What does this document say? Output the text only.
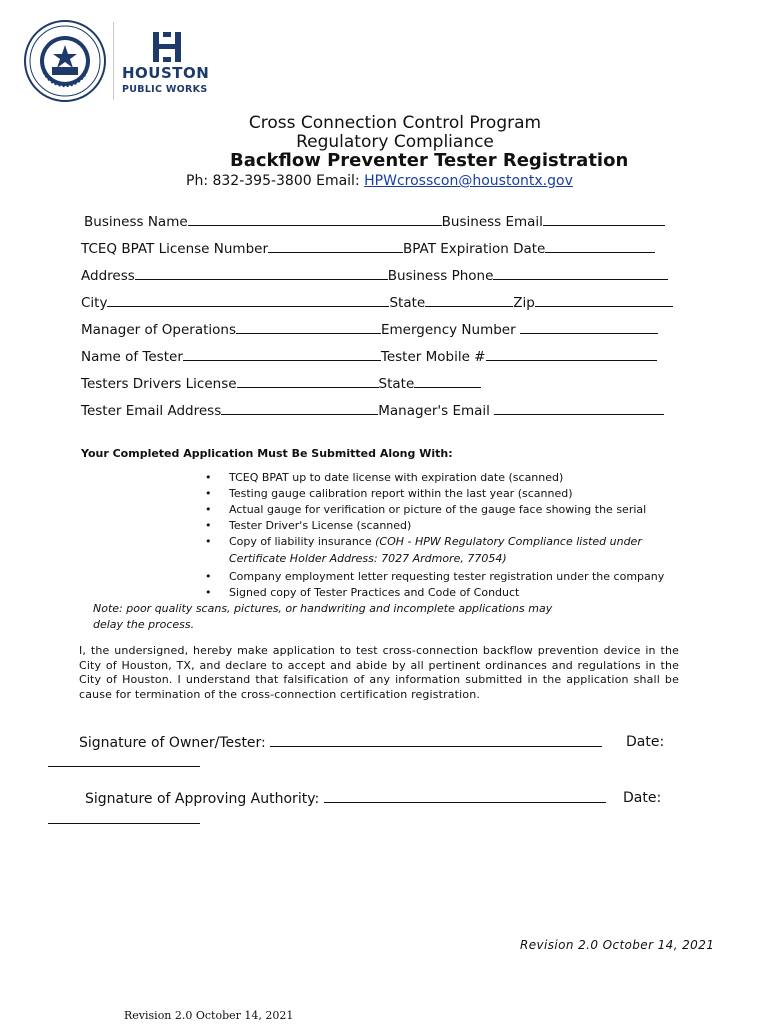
HOUSTON
PUBLIC WORKS
Cross Connection Control Program
Regulatory Compliance
Backflow Preventer Tester Registration
Ph: 832-395-3800 Email: HPWcrosscon@houstontx.gov
Business Name	Business Email
TCEQ BPAT License Number	BPAT Expiration Date
Address	Business Phone
City	State	Zip
Manager of Operations	Emergency Number
Name of Tester	Tester Mobile #
Testers Drivers License	State
Tester Email Address	Manager's Email
Your Completed Application Must Be Submitted Along With:
• TCEQ BPAT up to date license with expiration date (scanned)
• Testing gauge calibration report within the last year (scanned)
• Actual gauge for verification or picture of the gauge face showing the serial
• Tester Driver's License (scanned)
• Copy of liability insurance (COH - HPW Regulatory Compliance listed under
Certificate Holder Address: 7027 Ardmore, 77054)
• Company employment letter requesting tester registration under the company
• Signed copy of Tester Practices and Code of Conduct
Note: poor quality scans, pictures, or handwriting and incomplete applications may
delay the process.
I, the undersigned, hereby make application to test cross-connection backflow prevention device in the City of Houston, TX, and declare to accept and abide by all pertinent ordinances and regulations in the City of Houston. I understand that falsification of any information submitted in the application shall be cause for termination of the cross-connection certification registration.
Signature of Owner/Tester:	Date:
Signature of Approving Authority:	Date:
Revision 2.0 October 14, 2021
Revision 2.0 October 14, 2021
